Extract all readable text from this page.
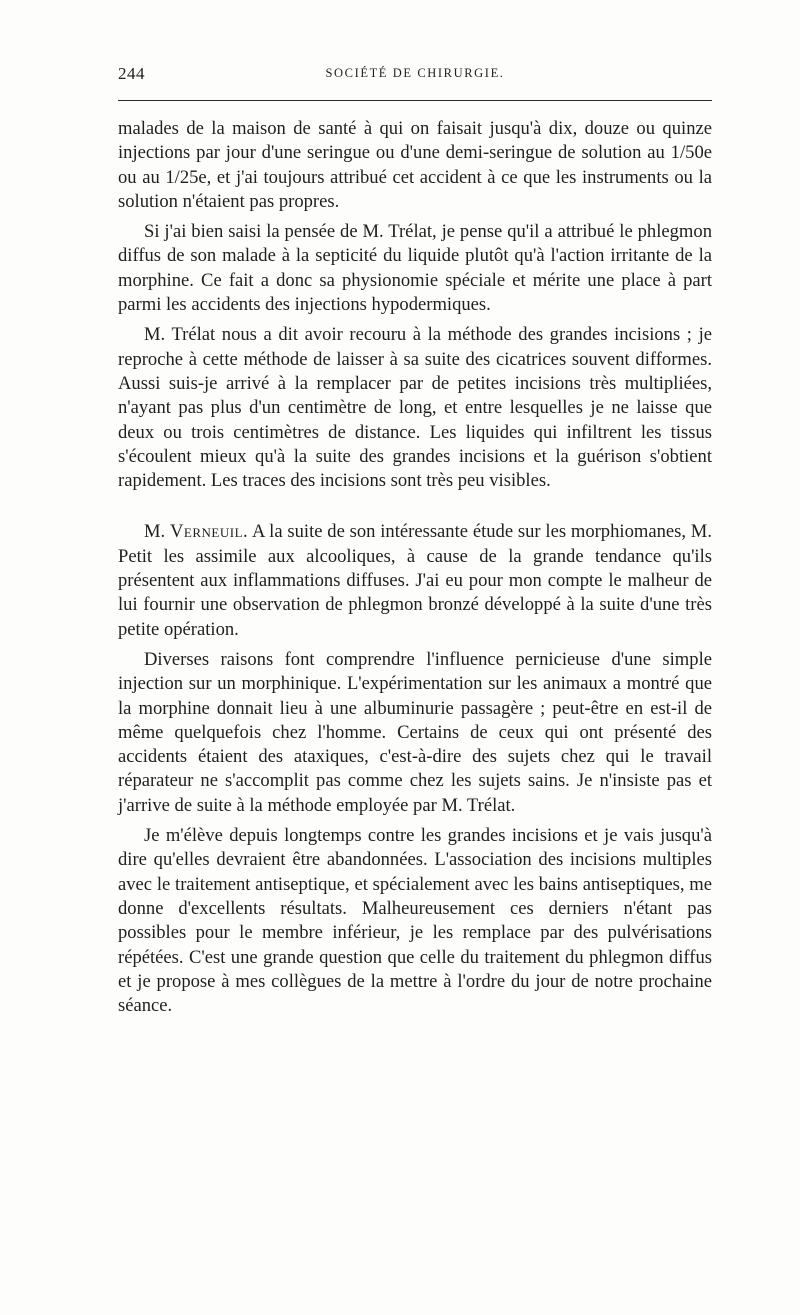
244	SOCIÉTÉ DE CHIRURGIE.

malades de la maison de santé à qui on faisait jusqu'à dix, douze ou quinze injections par jour d'une seringue ou d'une demi-seringue de solution au 1/50e ou au 1/25e, et j'ai toujours attribué cet accident à ce que les instruments ou la solution n'étaient pas propres.

Si j'ai bien saisi la pensée de M. Trélat, je pense qu'il a attribué le phlegmon diffus de son malade à la septicité du liquide plutôt qu'à l'action irritante de la morphine. Ce fait a donc sa physionomie spéciale et mérite une place à part parmi les accidents des injections hypodermiques.

M. Trélat nous a dit avoir recouru à la méthode des grandes incisions ; je reproche à cette méthode de laisser à sa suite des cicatrices souvent difformes. Aussi suis-je arrivé à la remplacer par de petites incisions très multipliées, n'ayant pas plus d'un centimètre de long, et entre lesquelles je ne laisse que deux ou trois centimètres de distance. Les liquides qui infiltrent les tissus s'écoulent mieux qu'à la suite des grandes incisions et la guérison s'obtient rapidement. Les traces des incisions sont très peu visibles.

M. Verneuil. A la suite de son intéressante étude sur les morphiomanes, M. Petit les assimile aux alcooliques, à cause de la grande tendance qu'ils présentent aux inflammations diffuses. J'ai eu pour mon compte le malheur de lui fournir une observation de phlegmon bronzé développé à la suite d'une très petite opération.

Diverses raisons font comprendre l'influence pernicieuse d'une simple injection sur un morphinique. L'expérimentation sur les animaux a montré que la morphine donnait lieu à une albuminurie passagère ; peut-être en est-il de même quelquefois chez l'homme. Certains de ceux qui ont présenté des accidents étaient des ataxiques, c'est-à-dire des sujets chez qui le travail réparateur ne s'accomplit pas comme chez les sujets sains. Je n'insiste pas et j'arrive de suite à la méthode employée par M. Trélat.

Je m'élève depuis longtemps contre les grandes incisions et je vais jusqu'à dire qu'elles devraient être abandonnées. L'association des incisions multiples avec le traitement antiseptique, et spécialement avec les bains antiseptiques, me donne d'excellents résultats. Malheureusement ces derniers n'étant pas possibles pour le membre inférieur, je les remplace par des pulvérisations répétées. C'est une grande question que celle du traitement du phlegmon diffus et je propose à mes collègues de la mettre à l'ordre du jour de notre prochaine séance.
